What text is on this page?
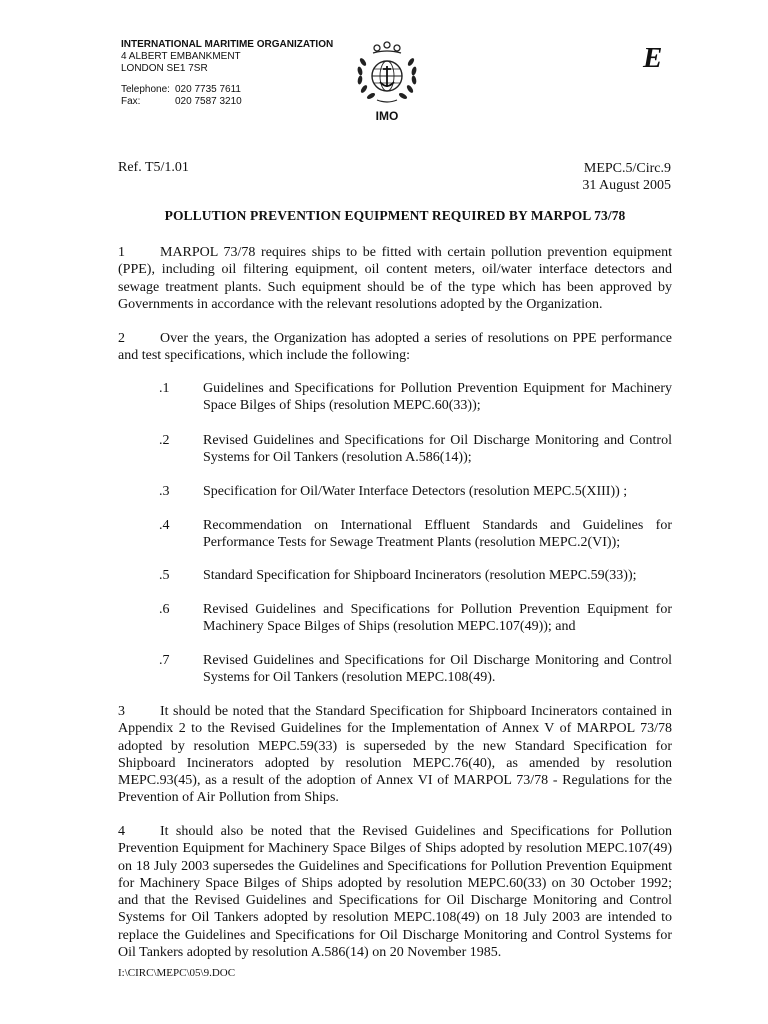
INTERNATIONAL MARITIME ORGANIZATION
4 ALBERT EMBANKMENT
LONDON SE1 7SR
Telephone: 020 7735 7611
Fax:	020 7587 3210
IMO
E
Ref. T5/1.01	MEPC.5/Circ.9
31 August 2005
POLLUTION PREVENTION EQUIPMENT REQUIRED BY MARPOL 73/78
1	MARPOL 73/78 requires ships to be fitted with certain pollution prevention equipment (PPE), including oil filtering equipment, oil content meters, oil/water interface detectors and sewage treatment plants. Such equipment should be of the type which has been approved by Governments in accordance with the relevant resolutions adopted by the Organization.
2	Over the years, the Organization has adopted a series of resolutions on PPE performance and test specifications, which include the following:
.1 Guidelines and Specifications for Pollution Prevention Equipment for Machinery Space Bilges of Ships (resolution MEPC.60(33));
.2 Revised Guidelines and Specifications for Oil Discharge Monitoring and Control Systems for Oil Tankers (resolution A.586(14));
.3 Specification for Oil/Water Interface Detectors (resolution MEPC.5(XIII)) ;
.4 Recommendation on International Effluent Standards and Guidelines for Performance Tests for Sewage Treatment Plants (resolution MEPC.2(VI));
.5 Standard Specification for Shipboard Incinerators (resolution MEPC.59(33));
.6 Revised Guidelines and Specifications for Pollution Prevention Equipment for Machinery Space Bilges of Ships (resolution MEPC.107(49)); and
.7 Revised Guidelines and Specifications for Oil Discharge Monitoring and Control Systems for Oil Tankers (resolution MEPC.108(49).
3	It should be noted that the Standard Specification for Shipboard Incinerators contained in Appendix 2 to the Revised Guidelines for the Implementation of Annex V of MARPOL 73/78 adopted by resolution MEPC.59(33) is superseded by the new Standard Specification for Shipboard Incinerators adopted by resolution MEPC.76(40), as amended by resolution MEPC.93(45), as a result of the adoption of Annex VI of MARPOL 73/78 - Regulations for the Prevention of Air Pollution from Ships.
4	It should also be noted that the Revised Guidelines and Specifications for Pollution Prevention Equipment for Machinery Space Bilges of Ships adopted by resolution MEPC.107(49) on 18 July 2003 supersedes the Guidelines and Specifications for Pollution Prevention Equipment for Machinery Space Bilges of Ships adopted by resolution MEPC.60(33) on 30 October 1992; and that the Revised Guidelines and Specifications for Oil Discharge Monitoring and Control Systems for Oil Tankers adopted by resolution MEPC.108(49) on 18 July 2003 are intended to replace the Guidelines and Specifications for Oil Discharge Monitoring and Control Systems for Oil Tankers adopted by resolution A.586(14) on 20 November 1985.
I:\CIRC\MEPC\05\9.DOC
